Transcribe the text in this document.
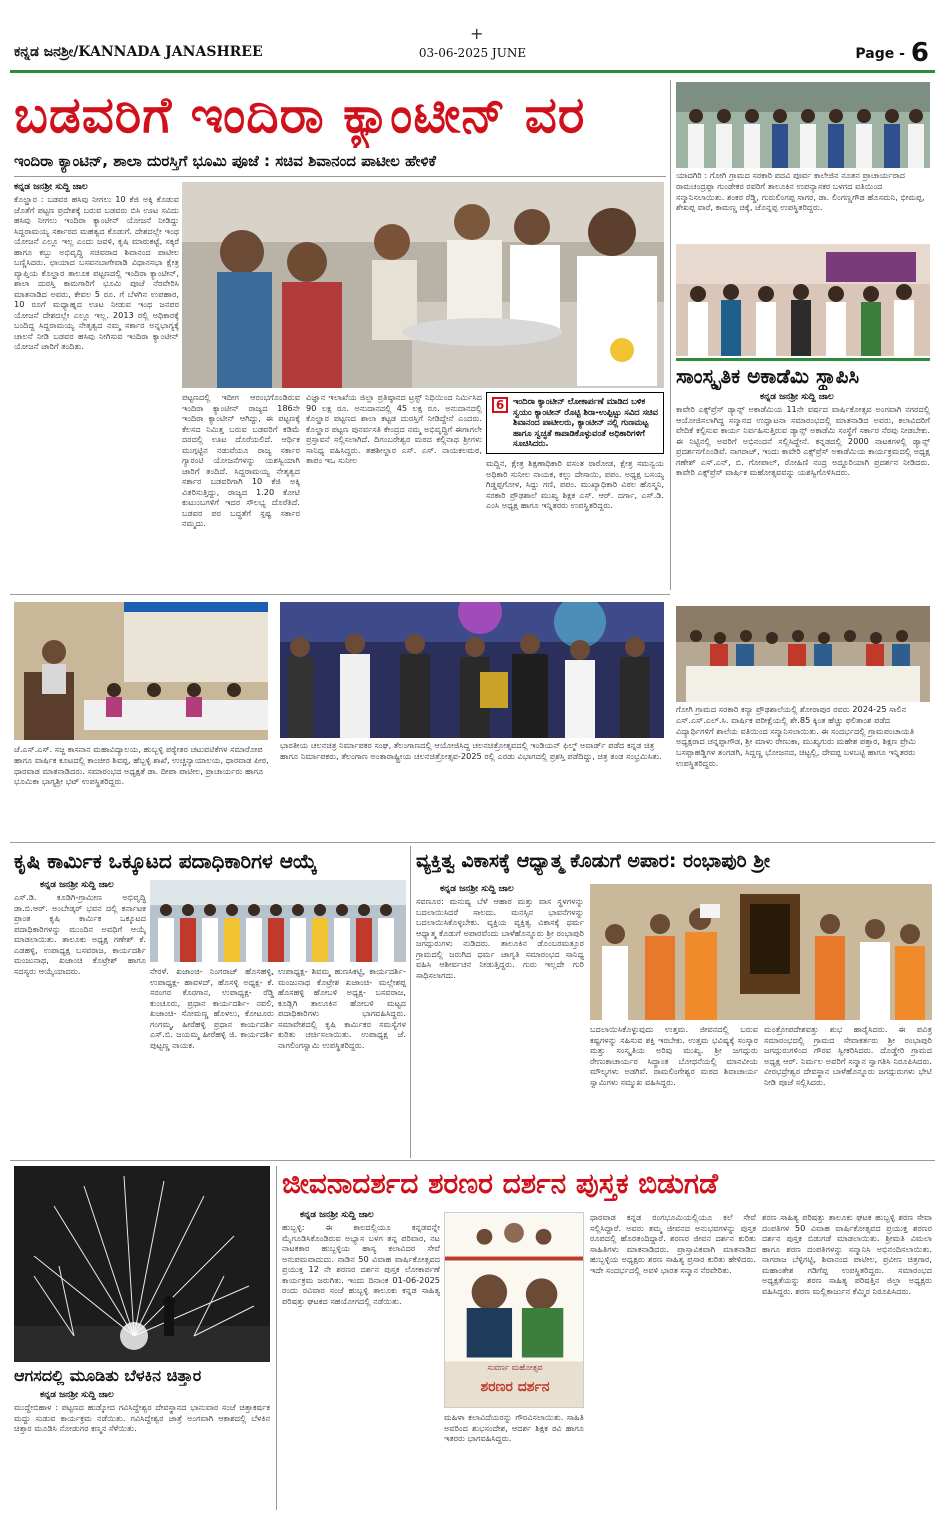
ಕನ್ನಡ ಜನಶ್ರೀ/KANNADA JANASHREE
+
03-06-2025 JUNE	Page - 6
ಬಡವರಿಗೆ ಇಂದಿರಾ ಕ್ಯಾಂಟೀನ್ ವರ
ಇಂದಿರಾ ಕ್ಯಾಂಟಿನ್, ಶಾಲಾ ದುರಸ್ತಿಗೆ ಭೂಮಿ ಪೂಜೆ : ಸಚಿವ ಶಿವಾನಂದ ಪಾಟೀಲ ಹೇಳಿಕೆ
ಕನ್ನಡ ಜನಶ್ರೀ ಸುದ್ದಿ ಜಾಲ
ಕೊಲ್ಹಾರ : ಬಡವರ ಹಸಿವು ನೀಗಲು 10 ಕೆಜಿ ಅಕ್ಕಿ ಕೊಡುವ ಜೊತೆಗೆ ಪಟ್ಟಣ ಪ್ರದೇಶಕ್ಕೆ ಬರುವ ಬಡವರು ಬಿಸಿ ಊಟ ಸವಿದು ಹಸಿವು ನೀಗಲು ಇಂದಿರಾ ಕ್ಯಾಂಟೀನ್ ಯೋಜನೆ ನೀಡಿದ್ದು ಸಿದ್ದರಾಮಯ್ಯ ಸರ್ಕಾರದ ಮಹತ್ವದ ಕೊಡುಗೆ. ದೇಶದಲ್ಲೇ ಇಂಥ ಯೋಜನೆ ಎಲ್ಲೂ ಇಲ್ಲ ಎಂದು ಜವಳಿ, ಕೃಷಿ ಮಾರುಕಟ್ಟೆ, ಸಕ್ಕರೆ ಹಾಗೂ ಕಬ್ಬು ಅಭಿವೃದ್ಧಿ ಸಚಿವರಾದ ಶಿವಾನಂದ ಪಾಟೀಲ ಬಣ್ಣಿಸಿದರು. ಛಾಯಾದ ಬಸವನಬಾಗೇವಾಡಿ ವಿಧಾನಸಭಾ ಕ್ಷೇತ್ರ ವ್ಯಾಪ್ತಿಯ ಕೊಲ್ಹಾರ ತಾಲೂಕ ಪಟ್ಟಣದಲ್ಲಿ ಇಂದಿರಾ ಕ್ಯಾಂಟೀನ್, ಶಾಲಾ ದುರಸ್ತಿ ಕಾಮಗಾರಿಗೆ ಭೂಮಿ ಪೂಜೆ ನೆರವೇರಿಸಿ ಮಾತನಾಡಿದ ಅವರು, ಕೇವಲ 5 ರೂ. ಗೆ ಬೆಳಗಿನ ಉಪಹಾರ, 10 ರೂಗೆ ಮಧ್ಯಾಹ್ನದ ಊಟ ನೀಡುವ ಇಂಥ ಜನಪರ ಯೋಜನೆ ದೇಶದಲ್ಲೇ ಎಲ್ಲೂ ಇಲ್ಲ. 2013 ರಲ್ಲಿ ಅಧಿಕಾರಕ್ಕೆ ಬಂದಿದ್ದ ಸಿದ್ದರಾಮಯ್ಯ ನೇತೃತ್ವದ ನಮ್ಮ ಸರ್ಕಾರ ಅನ್ನಭಾಗ್ಯಕ್ಕೆ ಚಾಲನೆ ನೀಡಿ ಬಡವರ ಹಸಿವು ನೀಗಿಸುವ ಇಂದಿರಾ ಕ್ಯಾಂಟೀನ್ ಯೋಜನೆ ಜಾರಿಗೆ ತಂದಿತು.
ಪಟ್ಟಣದಲ್ಲಿ ಇದೀಗ ಆರಂಭಗೊಂಡಿರುವ ಇಂದಿರಾ ಕ್ಯಾಂಟೀನ್ ರಾಜ್ಯದ 186ನೇ ಇಂದಿರಾ ಕ್ಯಾಂಟೀನ್ ಆಗಿದ್ದು, ಈ ಪಟ್ಟಣಕ್ಕೆ ಕೆಲಸದ ನಿಮಿತ್ತ ಬರುವ ಬಡವರಿಗೆ ಕಡಿಮೆ ದರದಲ್ಲಿ ಊಟ ದೊರೆಯಲಿದೆ. ಆರ್ಥಿಕ ಮುಗ್ಗಟ್ಟಿನ ನಡುವೆಯೂ ರಾಜ್ಯ ಸರ್ಕಾರ ಗ್ಯಾರಂಟಿ ಯೋಜನೆಗಳನ್ನು ಯಶಸ್ವಿಯಾಗಿ ಜಾರಿಗೆ ತಂದಿದೆ. ಸಿದ್ದರಾಮಯ್ಯ ನೇತೃತ್ವದ ಸರ್ಕಾರ ಬಡವರಿಗಾಗಿ 10 ಕೆಜಿ ಅಕ್ಕಿ ವಿತರಿಸುತ್ತಿದ್ದು, ರಾಜ್ಯದ 1.20 ಕೋಟಿ ಕುಟುಂಬಗಳಿಗೆ ಇದರ ಸೌಲಭ್ಯ ದೊರೆತಿದೆ. ಬಡವರ ಪರ ಬದ್ಧತೆಗೆ ಸ್ಪಷ್ಟ ಸರ್ಕಾರ ನಮ್ಮದು.
ವಿಜ್ಞಾನ ಇಲಾಖೆಯ ಜಿಲ್ಲಾ ಪ್ರತಿಷ್ಠಾನದ ಟ್ರಸ್ಟ್ ನಿಧಿಯಿಂದ ನಿರ್ಮಿಸಿದ 90 ಲಕ್ಷ ರೂ. ಅನುದಾನದಲ್ಲಿ 45 ಲಕ್ಷ ರೂ. ಅನುದಾನದಲ್ಲಿ ಕೊಲ್ಹಾರ ಪಟ್ಟಣದ ಶಾಲಾ ಕಟ್ಟಡ ದುರಸ್ತಿಗೆ ನೀಡಿದ್ದೇನೆ ಎಂದರು. ಕೊಲ್ಹಾರ ಪಟ್ಟಣ ಪುನರ್ವಸತಿ ಕೇಂದ್ರದ ನಮ್ಮ ಅಭಿವೃದ್ಧಿಗೆ ಈಗಾಗಲೇ ಪ್ರಸ್ತಾವನೆ ಸಲ್ಲಿಸಲಾಗಿದೆ. ದಿಗಂಬರೇಶ್ವರ ಮಠದ ಕಲ್ಲಿನಾಥ ಶ್ರೀಗಳು ಸಾನಿಧ್ಯ ವಹಿಸಿದ್ದರು. ತಹಶೀಲ್ದಾರ ಎಸ್. ಎಸ್. ನಾಯಕಲಮಠ, ತಾಪಂ ಇಒ ಸುನೀಲ
6	ಇಂದಿರಾ ಕ್ಯಾಂಟೀನ್ ಲೋಕಾರ್ಪಣೆ ಮಾಡಿದ ಬಳಿಕ ಸ್ವಯಂ ಕ್ಯಾಂಟೀನ್ ರೊಟ್ಟಿ ಶಿರಾ-ಉಪ್ಪಿಟ್ಟು ಸವಿದ ಸಚಿವ ಶಿವಾನಂದ ಪಾಟೀಲರು, ಕ್ಯಾಂಟೀನ್ ನಲ್ಲಿ ಗುಣಮಟ್ಟ ಹಾಗೂ ಸ್ವಚ್ಛತೆ ಕಾಪಾಡಿಕೊಳ್ಳುವಂತೆ ಅಧಿಕಾರಿಗಳಿಗೆ ಸೂಚಿಸಿದರು.
ಮದ್ದಿನ, ಕ್ಷೇತ್ರ ಶಿಕ್ಷಣಾಧಿಕಾರಿ ವಸಂತ ರಾಠೋಡ, ಕ್ಷೇತ್ರ ಸಮನ್ವಯ ಅಧಿಕಾರಿ ಸುನೀಲ ನಾಯಕ, ಕಲ್ಲು ದೇಸಾಯಿ, ಪಪಂ. ಅಧ್ಯಕ್ಷ ಬಸಯ್ಯ ಗಿಡ್ಡಪ್ಪಗೋಳ, ಸಿದ್ದು ಗಣಿ, ಪಪಂ. ಮುಖ್ಯಾಧಿಕಾರಿ ವಿಠಲ ಹೊಸ್ಮನಿ, ಸರಕಾರಿ ಪ್ರೌಢಶಾಲೆ ಮುಖ್ಯ ಶಿಕ್ಷಕ ಎಸ್. ಆರ್. ದರ್ಗಾ, ಎಸ್.ಡಿ. ಎಂಸಿ ಅಧ್ಯಕ್ಷ ಹಾಗೂ ಇನ್ನಿತರರು ಉಪಸ್ಥಿತರಿದ್ದರು.
ಯಾದಗಿರಿ : ಗೋಗಿ ಗ್ರಾಮದ ಸರಕಾರಿ ಪದವಿ ಪೂರ್ವ ಕಾಲೇಜಿನ ನೂತನ ಪ್ರಾಚಾರ್ಯರಾದ ರಾಮಚಂದ್ರಪ್ಪಾ ಗುಂಡೇಕರ ರವರಿಗೆ ತಾಲೂಕಿನ ಉಪನ್ಯಾಸಕರ ಬಳಗದ ವತಿಯಿಂದ ಸನ್ಮಾನಿಸಲಾಯಿತು. ಶಂಕರ ರೆಡ್ಡಿ, ಗುರುಲಿಂಗಪ್ಪ ಸಾಗರ, ಡಾ. ಲಿಂಗಣ್ಣಗೌಡ ಹೊಸಮನಿ, ಭೀಮಪ್ಪ, ಶೇಖಪ್ಪ ವಾರೆ, ಕಾಮಣ್ಣ ಚಿಕ್ಕೆ, ಜೊನ್ನಪ್ಪ ಉಪಸ್ಥಿತರಿದ್ದರು.
ಸಾಂಸ್ಕೃತಿಕ ಅಕಾಡೆಮಿ ಸ್ಥಾಪಿಸಿ
ಕನ್ನಡ ಜನಶ್ರೀ ಸುದ್ದಿ ಜಾಲ
ಕಾವೇರಿ ಎಕ್ಸ್‌ಪ್ರೆಸ್ ಡ್ಯಾನ್ಸ್ ಅಕಾಡೆಮಿಯ 11ನೇ ವರ್ಷದ ವಾರ್ಷಿಕೋತ್ಸವ ಅಂಗವಾಗಿ ನಗರದಲ್ಲಿ ಆಯೋಜಿಸಲಾಗಿದ್ದ ಸನ್ಮಾನದ ಉದ್ಘಾಟನಾ ಸಮಾರಂಭದಲ್ಲಿ ಮಾತನಾಡಿದ ಅವರು, ಕಲಾವಿದರಿಗೆ ವೇದಿಕೆ ಕಲ್ಪಿಸುವ ಕಾರ್ಯ ನಿರ್ವಹಿಸುತ್ತಿರುವ ಡ್ಯಾನ್ಸ್ ಅಕಾಡೆಮಿ ಸಂಸ್ಥೆಗೆ ಸರ್ಕಾರ ನೆರವು ನೀಡಬೇಕು. ಈ ನಿಟ್ಟಿನಲ್ಲಿ ಅವರಿಗೆ ಅಭಿನಂದನೆ ಸಲ್ಲಿಸಿದ್ದೇನೆ. ಕನ್ನಡದಲ್ಲಿ 2000 ನಾಟಕಗಳಲ್ಲಿ ಡ್ಯಾನ್ಸ್ ಪ್ರದರ್ಶನಗೊಂಡಿವೆ. ನಾಗರಾಜ್, ಇಂದು ಕಾವೇರಿ ಎಕ್ಸ್‌ಪ್ರೆಸ್ ಅಕಾಡೆಮಿಯ ಕಾರ್ಯಕ್ರಮದಲ್ಲಿ ಅಧ್ಯಕ್ಷ ಗಣೇಶ್ ಎಸ್.ಎನ್, ಬಿ. ಗೋಪಾಲ್, ರೋಹಿಣಿ ನಂದ್ರ ಅದ್ದೂರಿಯಾಗಿ ಪ್ರದರ್ಶನ ನೀಡಿದರು. ಕಾವೇರಿ ಎಕ್ಸ್‌ಪ್ರೆಸ್ ವಾರ್ಷಿಕ ಮಹೋತ್ಸವವನ್ನು ಯಶಸ್ವಿಗೊಳಿಸಿದರು.
ಗೋಗಿ ಗ್ರಾಮದ ಸರಕಾರಿ ಕನ್ಯಾ ಪ್ರೌಢಶಾಲೆಯಲ್ಲಿ ಶೋರಾಪುರ ರವರು 2024-25 ಸಾಲಿನ ಎಸ್.ಎಸ್.ಎಲ್.ಸಿ. ವಾರ್ಷಿಕ ಪರೀಕ್ಷೆಯಲ್ಲಿ ಶೇ.85 ಕ್ಕಿಂತ ಹೆಚ್ಚು ಫಲಿತಾಂಶ ಪಡೆದ ವಿದ್ಯಾರ್ಥಿಗಳಿಗೆ ಶಾಲೆಯ ವತಿಯಿಂದ ಸನ್ಮಾನಿಸಲಾಯಿತು. ಈ ಸಂದರ್ಭದಲ್ಲಿ ಗ್ರಾಮಪಂಚಾಯತಿ ಅಧ್ಯಕ್ಷರಾದ ಚನ್ನಪ್ಪಾಗೌಡ, ಶ್ರೀ ಮಾಳು ರೇಣುಕಾ, ಮುಖ್ಯಗುರು ಮಹೇಶ ಪತ್ತಾರ, ಶಿಕ್ಷಣ ಪ್ರೇಮಿ ಬಸಪ್ಪಾಹಡ್ಡಿಗಳ ತಂಗಡಗಿ, ಸಿದ್ದಣ್ಣ ಭೋಜನದ, ಚಿಟ್ಟಲ್ಲಿ, ದೇವಪ್ಪ ಬಳಬಟ್ಟಿ ಹಾಗೂ ಇನ್ನಿತರರು ಉಪಸ್ಥಿತರಿದ್ದರು.
ಜೆ.ಎಸ್.ಎಸ್. ಸಜ್ಜ ಕಾಸನಾನ ಮಹಾವಿದ್ಯಾಲಯ, ಹುಬ್ಬಳ್ಳಿ ಪಠ್ಯೇತರ ಚಟುವಟಿಕೆಗಳ ಸಮಾರೋಪ ಹಾಗೂ ವಾರ್ಷಿಕ ಕೂಟದಲ್ಲಿ ಕಾಂಚೀರ ಶಿವಪ್ಪ, ಹೆಬ್ಬಳ್ಳಿ ಶಾಖೆ, ಉಚ್ಚನ್ಯಾಯಾಲಯ, ಧಾರವಾಡ ಪೀಠ, ಧಾರವಾಡ ಮಾತನಾಡಿದರು. ಸಮಾರಂಭದ ಅಧ್ಯಕ್ಷತೆ ಡಾ. ದೀಪಾ ಪಾಟೀಲ, ಪ್ರಾಚಾರ್ಯರು ಹಾಗೂ ಭೂಮಿಕಾ ಭಾಗ್ಯಶ್ರೀ ಭಟ್ ಉಪಸ್ಥಿತರಿದ್ದರು.
ಭಾರತೀಯ ಚಲನಚಿತ್ರ ನಿರ್ಮಾಪಕರ ಸಂಘ, ತೆಲಂಗಾಣದಲ್ಲಿ ಆಯೋಜಿಸಿದ್ದ ಚಲನಚಿತ್ರೋತ್ಸವದಲ್ಲಿ ಇಂಡಿಯನ್ ಫಿಲ್ಮ್ ಅವಾರ್ಡ್ ಪಡೆದ ಕನ್ನಡ ಚಿತ್ರ ಹಾಗೂ ನಿರ್ಮಾಪಕರು, ತೆಲಂಗಾಣ ಅಂತಾರಾಷ್ಟ್ರೀಯ ಚಲನಚಿತ್ರೋತ್ಸವ-2025 ರಲ್ಲಿ ಎರಡು ವಿಭಾಗದಲ್ಲಿ ಪ್ರಶಸ್ತಿ ಪಡೆದಿದ್ದು, ಚಿತ್ರ ತಂಡ ಸಂಭ್ರಮಿಸಿತು.
ಕೃಷಿ ಕಾರ್ಮಿಕ ಒಕ್ಕೂಟದ ಪದಾಧಿಕಾರಿಗಳ ಆಯ್ಕೆ
ಕನ್ನಡ ಜನಶ್ರೀ ಸುದ್ದಿ ಜಾಲ
ಎಸ್.ಡಿ. ಕೂಡಿಗಿ-ಗ್ರಾಮೀಣ ಅಭಿವೃದ್ಧಿ ಡಾ.ಬಿ.ಆರ್. ಅಂಬೇಡ್ಕರ್ ಭವನ ದಲ್ಲಿ ಕರ್ನಾಟಕ ಪ್ರಾಂತ ಕೃಷಿ ಕಾರ್ಮಿಕ ಒಕ್ಕೂಟದ ಪದಾಧಿಕಾರಿಗಳನ್ನು ಮುಂದಿನ ಅವಧಿಗೆ ಆಯ್ಕೆ ಮಾಡಲಾಯಿತು. ತಾಲೂಕು ಅಧ್ಯಕ್ಷ ಗಣೇಶ್ ಕೆ. ಎಡಹಳ್ಳಿ, ಉಪಾಧ್ಯಕ್ಷ ಬಸವರಾಜ, ಕಾರ್ಯದರ್ಶಿ ಮಂಜುನಾಥ, ಖಜಾಂಚಿ ಕೊಟ್ರೇಶ್ ಹಾಗೂ ಸದಸ್ಯರು ಆಯ್ಕೆಯಾದರು.	ನೇರಳೆ. ಖಜಾಂಚಿ- ನಿಂಗರಾಜ್ ಹೊಸಹಳ್ಳಿ, ಉಪಾಧ್ಯಕ್ಷ- ಹಾವಳದ್, ಹೊಸಳ್ಳಿ ಅಧ್ಯಕ್ಷ- ಕೆ. ಸರಂಗರ ಕೊರಗಾನ, ಉಪಾಧ್ಯಕ್ಷ- ರೆಡ್ಡಿ ಕುಂಚೂರು, ಪ್ರಧಾನ ಕಾರ್ಯದರ್ಶಿ- ನವಲಿ, ಖಜಾಂಚಿ- ಸೋಮಣ್ಣ ಹೊಳಲು, ಕೋಟೂರು ಗಂಗಮ್ಮ, ಹೀರೆಹಳ್ಳಿ ಪ್ರಧಾನ ಕಾರ್ಯದರ್ಶಿ ಎಸ್.ಬಿ. ಜಯಮ್ಮ ಹೀರೆಹಳ್ಳಿ ಜಿ. ಕಾರ್ಯದರ್ಶಿ ಪುಟ್ಟಣ್ಣ ನಾಯಕ.
ಉಪಾಧ್ಯಕ್ಷ- ಶಿವಮ್ಮ ಹುಣಸಿಕಟ್ಟಿ, ಕಾರ್ಯದರ್ಶಿ- ಮಂಜುನಾಥ ಕೊಟ್ರೇಶ ಖಜಾಂಚಿ- ಮಲ್ಲೇಶಪ್ಪ ಹೊಸಹಳ್ಳಿ ಹೋಬಳಿ ಅಧ್ಯಕ್ಷ- ಬಸವರಾಜ, ಕೂಡ್ಲಿಗಿ ತಾಲೂಕಿನ ಹೋಬಳಿ ಮಟ್ಟದ ಪದಾಧಿಕಾರಿಗಳು ಭಾಗವಹಿಸಿದ್ದರು. ಸಮಾವೇಶದಲ್ಲಿ ಕೃಷಿ ಕಾರ್ಮಿಕರ ಸಮಸ್ಯೆಗಳ ಕುರಿತು ಚರ್ಚಿಸಲಾಯಿತು. ಉಪಾಧ್ಯಕ್ಷ ಜೆ. ನಾಗಲಿಂಗಸ್ವಾಮಿ ಉಪಸ್ಥಿತರಿದ್ದರು.
ವ್ಯಕ್ತಿತ್ವ ವಿಕಾಸಕ್ಕೆ ಆಧ್ಯಾತ್ಮ ಕೊಡುಗೆ ಅಪಾರ: ರಂಭಾಪುರಿ ಶ್ರೀ
ಕನ್ನಡ ಜನಶ್ರೀ ಸುದ್ದಿ ಜಾಲ
ಸವಣೂರ: ಮನುಷ್ಯ ಬೆಳೆ ಆಹಾರ ಮತ್ತು ವಾಸ ಸ್ಥಳಗಳನ್ನು ಬದಲಾಯಿಸಿದರೆ ಸಾಲದು. ಮನಸ್ಸಿನ ಭಾವನೆಗಳನ್ನು ಬದಲಾಯಿಸಿಕೊಳ್ಳಬೇಕು. ವ್ಯಕ್ತಿಯ ವ್ಯಕ್ತಿತ್ವ ವಿಕಾಸಕ್ಕೆ ಧರ್ಮ ಆಧ್ಯಾತ್ಮ ಕೊಡುಗೆ ಅಪಾರವೆಂದು ಬಾಳೆಹೊನ್ನೂರು ಶ್ರೀ ರಂಭಾಪುರಿ ಜಗದ್ಗುರುಗಳು ನುಡಿದರು. ತಾಲೂಕಿನ ಡೊಂಬರಮತ್ತೂರ ಗ್ರಾಮದಲ್ಲಿ ಜರುಗಿದ ಧರ್ಮ ಜಾಗೃತಿ ಸಮಾರಂಭದ ಸಾನಿಧ್ಯ ವಹಿಸಿ ಆಶೀರ್ವಚನ ನೀಡುತ್ತಿದ್ದರು. ಗುರು ಇಲ್ಲದೇ ಗುರಿ ಸಾಧಿಸಲಾಗದು.
ಬದಲಾಯಿಸಿಕೊಳ್ಳುವುದು ಉತ್ತಮ. ಜೀವನದಲ್ಲಿ ಬರುವ ಕಷ್ಟಗಳನ್ನು ಸಹಿಸುವ ಶಕ್ತಿ ಇರಬೇಕು. ಉತ್ತಮ ಭವಿಷ್ಯಕ್ಕೆ ಸಂಸ್ಕಾರ ಮತ್ತು ಸಂಸ್ಕೃತಿಯ ಅರಿವು ಮುಖ್ಯ. ಶ್ರೀ ಜಗದ್ಗುರು ರೇಣುಕಾಚಾರ್ಯರ ಸಿದ್ಧಾಂತ ಬೋಧನೆಯಲ್ಲಿ ಮಾನವೀಯ ಮೌಲ್ಯಗಳು ಅಡಗಿವೆ. ರಾಮಲಿಂಗೇಶ್ವರ ಮಠದ ಶಿವಾಚಾರ್ಯ ಸ್ವಾಮಿಗಳು ಸಮ್ಮುಖ ವಹಿಸಿದ್ದರು.
ಮಂತ್ರೋಪದೇಶವತ್ತು ಶುಭ ಹಾರೈಸಿದರು. ಈ ಪವಿತ್ರ ಸಮಾರಂಭದಲ್ಲಿ ಗ್ರಾಮದ ಸೇವಾಕರ್ತರು ಶ್ರೀ ರಂಭಾಪುರಿ ಜಗದ್ಗುರುಗಳಿಂದ ಗೌರವ ಸ್ವೀಕರಿಸಿದರು. ದೊಡ್ಡೇರಿ ಗ್ರಾಮದ ಅಧ್ಯಕ್ಷ ಆರ್. ನಿರ್ಮಲ ಅವರಿಗೆ ಸನ್ಮಾನ ಸ್ವಾಗತಿಸಿ ನಿರೂಪಿಸಿದರು. ವೀರಭದ್ರೇಶ್ವರ ದೇವಸ್ಥಾನ ಬಾಳೆಹೊನ್ನೂರು ಜಗದ್ಗುರುಗಳು ಭೇಟಿ ನೀಡಿ ಪೂಜೆ ಸಲ್ಲಿಸಿದರು.
ಆಗಸದಲ್ಲಿ ಮೂಡಿತು ಬೆಳಕಿನ ಚಿತ್ತಾರ
ಕನ್ನಡ ಜನಶ್ರೀ ಸುದ್ದಿ ಜಾಲ
ಮುದ್ದೇಬಿಹಾಳ : ಪಟ್ಟಣದ ಹುಡ್ಕೋದ ಗವಿಸಿದ್ದೇಶ್ವರ ದೇವಸ್ಥಾನದ ಭಾನುವಾರ ಸಂಜೆ ಚಿತ್ತಾಕರ್ಷಕ ಮದ್ದು ಸುಡುವ ಕಾರ್ಯಕ್ರಮ ನಡೆಯಿತು. ಗವಿಸಿದ್ದೇಶ್ವರ ಜಾತ್ರೆ ಅಂಗವಾಗಿ ಆಕಾಶದಲ್ಲಿ ಬೆಳಕಿನ ಚಿತ್ತಾರ ಮೂಡಿಸಿ ನೋಡುಗರ ಕಣ್ಮನ ಸೆಳೆಯಿತು.
ಜೀವನಾದರ್ಶದ ಶರಣರ ದರ್ಶನ ಪುಸ್ತಕ ಬಿಡುಗಡೆ
ಕನ್ನಡ ಜನಶ್ರೀ ಸುದ್ದಿ ಜಾಲ
ಹುಬ್ಬಳ್ಳಿ: ಈ ಕಾಲದಲ್ಲಿಯೂ ಕನ್ನಡವನ್ನೇ ಮೈಗೂಡಿಸಿಕೊಂಡಿರುವ ಅಭ್ಯಾಸ ಬಳಗ ತನ್ನ ಪರಿವಾರ, ನಟ ನಾಟಕಕಾರ ಹುಬ್ಬಳ್ಳಿಯ ಹಾಸ್ಯ ಕಲಾವಿದರ ಸೇವೆ ಅನುಪಮವಾದುದು. ನಾಡಿನ 50 ವಿವಾಹ ವಾರ್ಷಿಕೋತ್ಸವದ ಪ್ರಯುಕ್ತ 12 ನೇ ಶರಣರ ದರ್ಶನ ಪುಸ್ತಕ ಲೋಕಾರ್ಪಣೆ ಕಾರ್ಯಕ್ರಮ ಜರುಗಿತು. ಇಂದು ದಿನಾಂಕ 01-06-2025 ರಂದು ರವಿವಾರ ಸಂಜೆ ಹುಬ್ಬಳ್ಳಿ ತಾಲೂಕು ಕನ್ನಡ ಸಾಹಿತ್ಯ ಪರಿಷತ್ತು ಘಟಕದ ಸಹಯೋಗದಲ್ಲಿ ನಡೆಯಿತು.
ಸುವರ್ಣ ಮಹೋತ್ಸವ
ಶರಣರ ದರ್ಶನ
ಮಹಿಳಾ ಕಲಾವಿದೆಯರನ್ನು ಗೌರವಿಸಲಾಯಿತು. ಸಾಹಿತಿ ಅವರಿಂದ ಶುಭಸಂದೇಶ, ಆದರ್ಶ ಶಿಕ್ಷಕ ರವಿ ಹಾಗೂ ಇತರರು ಭಾಗವಹಿಸಿದ್ದರು.
ಧಾರವಾಡ ಕನ್ನಡ ರಂಗಭೂಮಿಯಲ್ಲಿಯೂ ಕಲೆ ಸೇವೆ ಸಲ್ಲಿಸಿದ್ದಾರೆ. ಅವರು ತಮ್ಮ ಜೀವನದ ಅನುಭವಗಳನ್ನು ಪುಸ್ತಕ ರೂಪದಲ್ಲಿ ಹೊರತಂದಿದ್ದಾರೆ. ಶರಣರ ಜೀವನ ದರ್ಶನ ಕುರಿತು ಸಾಹಿತಿಗಳು ಮಾತನಾಡಿದರು. ಪ್ರಾಸ್ತಾವಿಕವಾಗಿ ಮಾತನಾಡಿದ ಹುಬ್ಬಳ್ಳಿಯ ಅಧ್ಯಕ್ಷರು ಶರಣ ಸಾಹಿತ್ಯ ಪ್ರಸಾರ ಕುರಿತು ಹೇಳಿದರು. ಇದೇ ಸಂದರ್ಭದಲ್ಲಿ ಅವಳಿ ಭಾರತ ಸನ್ಮಾನ ನೆರವೇರಿತು.
ಶರಣ ಸಾಹಿತ್ಯ ಪರಿಷತ್ತು ತಾಲೂಕು ಘಟಕ ಹುಬ್ಬಳ್ಳಿ ಶರಣ ಸೇವಾ ದಂಪತಿಗಳ 50 ವಿವಾಹ ವಾರ್ಷಿಕೋತ್ಸವದ ಪ್ರಯುಕ್ತ ಶರಣರ ದರ್ಶನ ಪುಸ್ತಕ ಬಿಡುಗಡೆ ಮಾಡಲಾಯಿತು. ಶ್ರೀಮತಿ ವಿಮಲಾ ಹಾಗೂ ಶರಣ ದಂಪತಿಗಳನ್ನು ಸನ್ಮಾನಿಸಿ ಅಭಿನಂದಿಸಲಾಯಿತು. ನಾಗರಾಜ ಬೆಳ್ಳಿಗಟ್ಟಿ, ಶಿವಾನಂದ ಪಾಟೀಲ, ಪ್ರವೀಣ ಚಿತ್ರಗಾರ, ಮಹಾಂತೇಶ ಗಡಿಗೆಪ್ಪ ಉಪಸ್ಥಿತರಿದ್ದರು. ಸಮಾರಂಭದ ಅಧ್ಯಕ್ಷತೆಯನ್ನು ಶರಣ ಸಾಹಿತ್ಯ ಪರಿಷತ್ತಿನ ಜಿಲ್ಲಾ ಅಧ್ಯಕ್ಷರು ವಹಿಸಿದ್ದರು. ಶರಣ ಮಲ್ಲಿಕಾರ್ಜುನ ಕೆಮ್ಮಿರ ನಿರೂಪಿಸಿದರು.
